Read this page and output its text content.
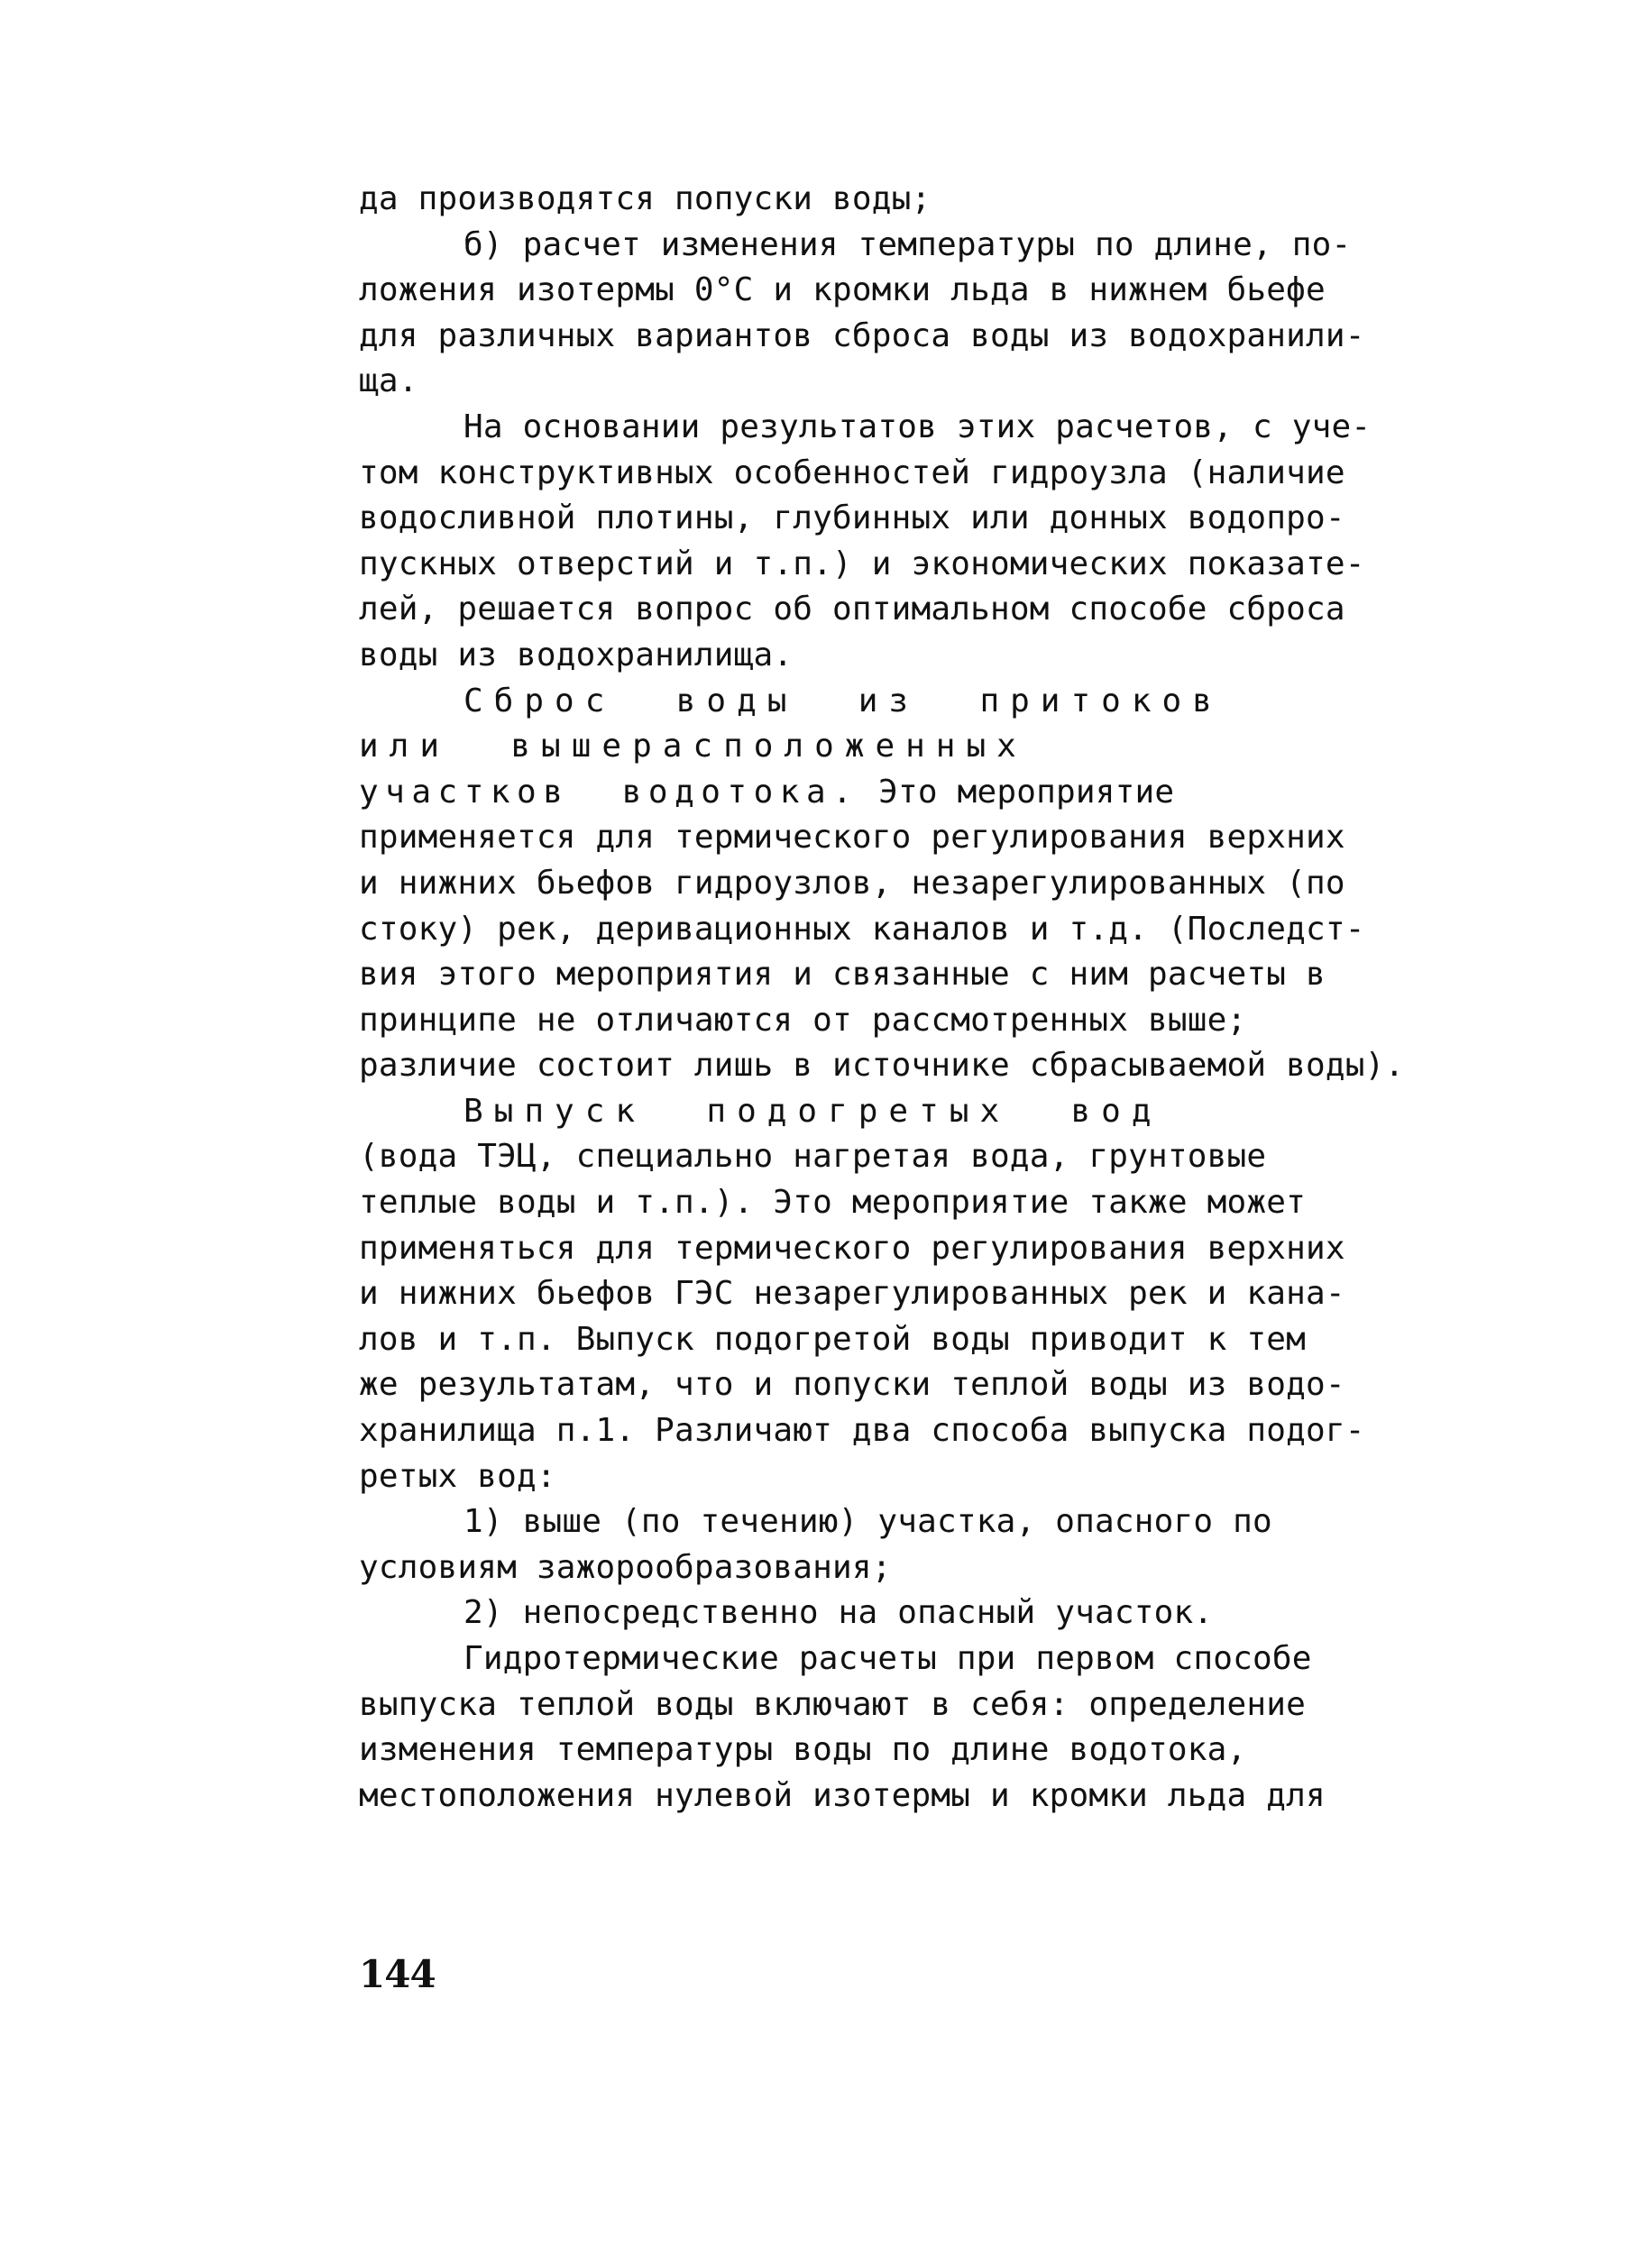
да производятся попуски воды;
б) расчет изменения температуры по длине, по-
ложения изотермы 0°С и кромки льда в нижнем бьефе
для различных вариантов сброса воды из водохранили-
ща.
На основании результатов этих расчетов, с уче-
том конструктивных особенностей гидроузла (наличие
водосливной плотины, глубинных или донных водопро-
пускных отверстий и т.п.) и экономических показате-
лей, решается вопрос об оптимальном способе сброса
воды из водохранилища.
Сброс  воды  из  притоков
или  вышерасположенных
участков  водотока. Это мероприятие
применяется для термического регулирования верхних
и нижних бьефов гидроузлов, незарегулированных (по
стоку) рек, деривационных каналов и т.д. (Последст-
вия этого мероприятия и связанные с ним расчеты в
принципе не отличаются от рассмотренных выше;
различие состоит лишь в источнике сбрасываемой воды).
Выпуск  подогретых  вод
(вода ТЭЦ, специально нагретая вода, грунтовые
теплые воды и т.п.). Это мероприятие также может
применяться для термического регулирования верхних
и нижних бьефов ГЭС незарегулированных рек и кана-
лов и т.п. Выпуск подогретой воды приводит к тем
же результатам, что и попуски теплой воды из водо-
хранилища п.1. Различают два способа выпуска подог-
ретых вод:
1) выше (по течению) участка, опасного по
условиям зажорообразования;
2) непосредственно на опасный участок.
Гидротермические расчеты при первом способе
выпуска теплой воды включают в себя: определение
изменения температуры воды по длине водотока,
местоположения нулевой изотермы и кромки льда для
144
